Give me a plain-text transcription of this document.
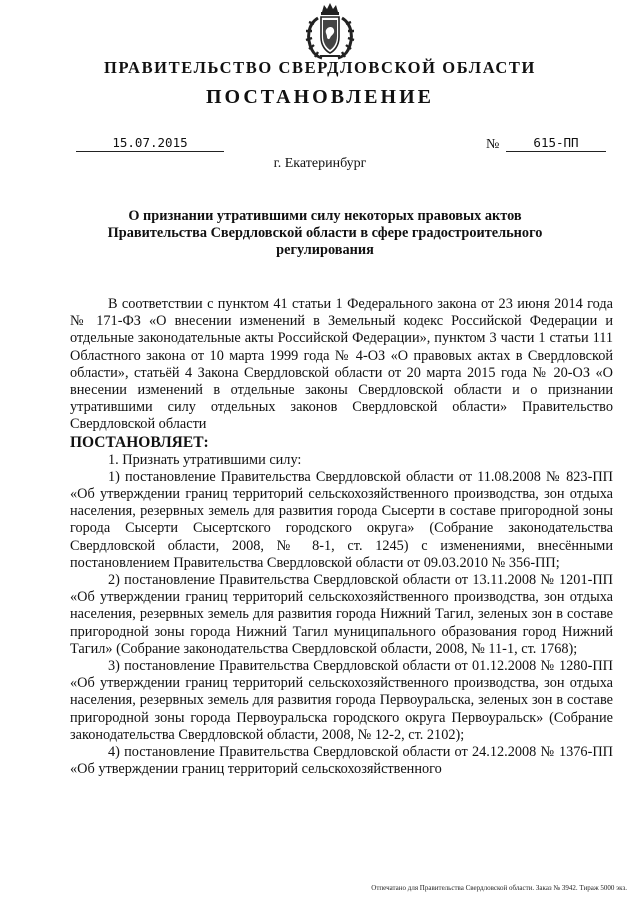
ПРАВИТЕЛЬСТВО СВЕРДЛОВСКОЙ ОБЛАСТИ
ПОСТАНОВЛЕНИЕ
15.07.2015	№	615-ПП
г. Екатеринбург
О признании утратившими силу некоторых правовых актов Правительства Свердловской области в сфере градостроительного регулирования

В соответствии с пунктом 41 статьи 1 Федерального закона от 23 июня 2014 года № 171-ФЗ «О внесении изменений в Земельный кодекс Российской Федерации и отдельные законодательные акты Российской Федерации», пунктом 3 части 1 статьи 111 Областного закона от 10 марта 1999 года № 4-ОЗ «О правовых актах в Свердловской области», статьёй 4 Закона Свердловской области от 20 марта 2015 года № 20-ОЗ «О внесении изменений в отдельные законы Свердловской области и о признании утратившими силу отдельных законов Свердловской области» Правительство Свердловской области

ПОСТАНОВЛЯЕТ:

1. Признать утратившими силу:

1) постановление Правительства Свердловской области от 11.08.2008 № 823-ПП «Об утверждении границ территорий сельскохозяйственного производства, зон отдыха населения, резервных земель для развития города Сысерти в составе пригородной зоны города Сысерти Сысертского городского округа» (Собрание законодательства Свердловской области, 2008, № 8-1, ст. 1245) с изменениями, внесёнными постановлением Правительства Свердловской области от 09.03.2010 № 356-ПП;

2) постановление Правительства Свердловской области от 13.11.2008 № 1201-ПП «Об утверждении границ территорий сельскохозяйственного производства, зон отдыха населения, резервных земель для развития города Нижний Тагил, зеленых зон в составе пригородной зоны города Нижний Тагил муниципального образования город Нижний Тагил» (Собрание законодательства Свердловской области, 2008, № 11-1, ст. 1768);

3) постановление Правительства Свердловской области от 01.12.2008 № 1280-ПП «Об утверждении границ территорий сельскохозяйственного производства, зон отдыха населения, резервных земель для развития города Первоуральска, зеленых зон в составе пригородной зоны города Первоуральска городского округа Первоуральск» (Собрание законодательства Свердловской области, 2008, № 12-2, ст. 2102);

4) постановление Правительства Свердловской области от 24.12.2008 № 1376-ПП «Об утверждении границ территорий сельскохозяйственного

Отпечатано для Правительства Свердловской области. Заказ № 3942. Тираж 5000 экз.
